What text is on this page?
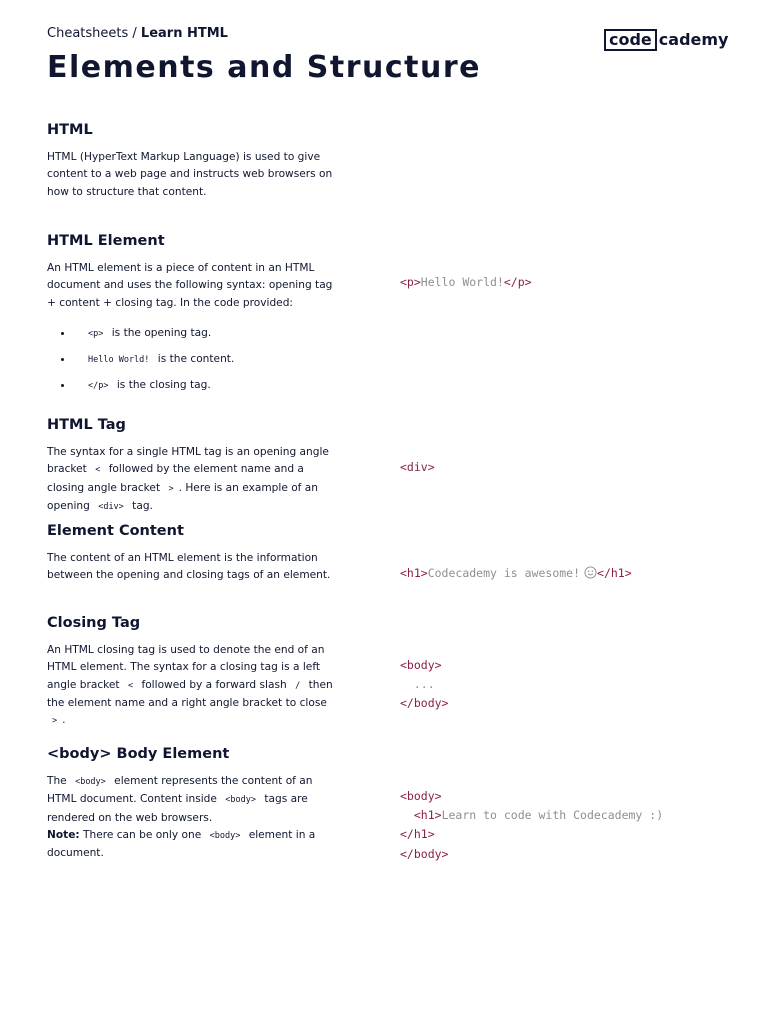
Cheatsheets / Learn HTML	code cademy
Elements and Structure
HTML
HTML (HyperText Markup Language) is used to give content to a web page and instructs web browsers on how to structure that content.
HTML Element
An HTML element is a piece of content in an HTML document and uses the following syntax: opening tag + content + closing tag. In the code provided:
<p> is the opening tag.
Hello World! is the content.
</p> is the closing tag.
<p>Hello World!</p>
HTML Tag
The syntax for a single HTML tag is an opening angle bracket < followed by the element name and a closing angle bracket > . Here is an example of an opening <div> tag.
<div>
Element Content
The content of an HTML element is the information between the opening and closing tags of an element.	<h1>Codecademy is awesome! </h1>
Closing Tag
An HTML closing tag is used to denote the end of an HTML element. The syntax for a closing tag is a left angle bracket < followed by a forward slash / then the element name and a right angle bracket to close > .
<body>
...
</body>
<body> Body Element
The <body> element represents the content of an HTML document. Content inside <body> tags are rendered on the web browsers.
Note: There can be only one <body> element in a document.
<body>
<h1>Learn to code with Codecademy :)
</h1>
</body>
